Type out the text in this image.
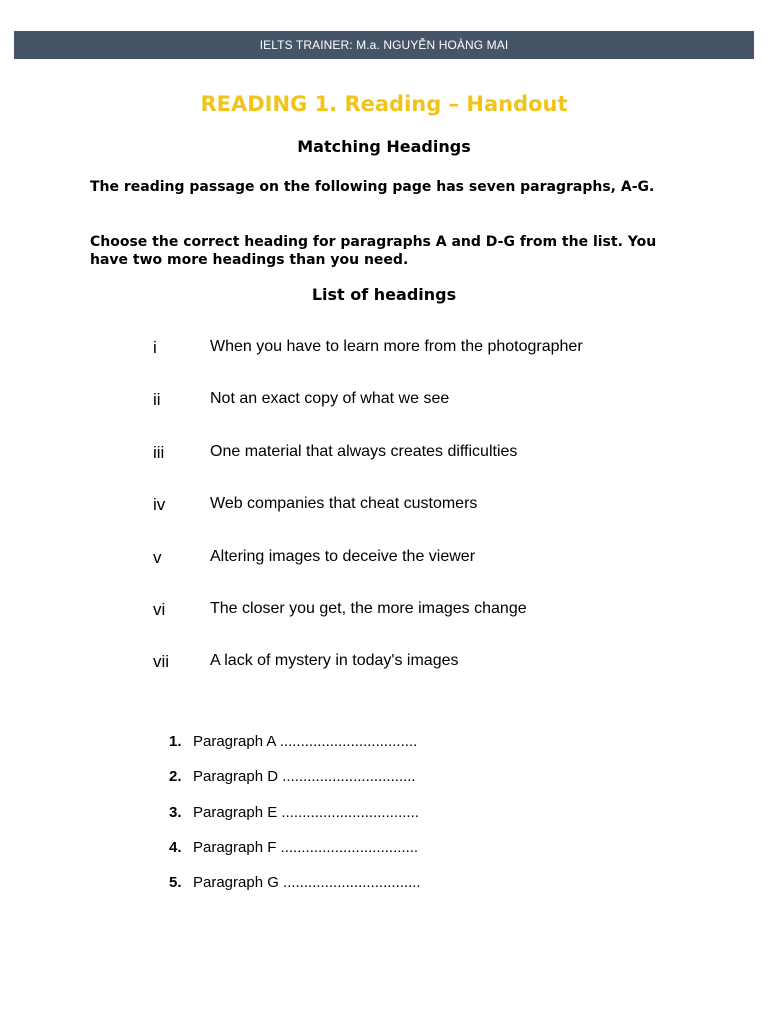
IELTS TRAINER: M.a. NGUYỄN HOÀNG MAI
READING 1. Reading – Handout
Matching Headings

The reading passage on the following page has seven paragraphs, A-G.

Choose the correct heading for paragraphs A and D-G from the list. You have two more headings than you need.

List of headings
i	When you have to learn more from the photographer
ii	Not an exact copy of what we see
iii	One material that always creates difficulties
iv	Web companies that cheat customers
v	Altering images to deceive the viewer
vi	The closer you get, the more images change
vii	A lack of mystery in today's images
1. Paragraph A .................................
2. Paragraph D ................................
3. Paragraph E .................................
4. Paragraph F .................................
5. Paragraph G .................................
